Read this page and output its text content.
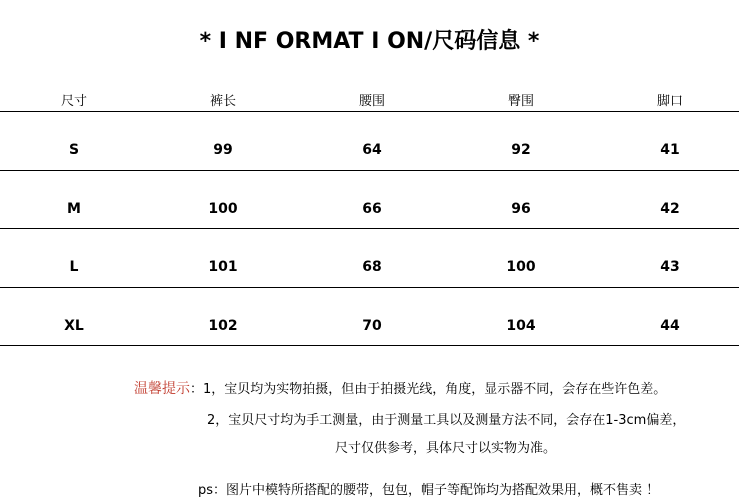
* I NF ORMAT I ON/尺码信息 *
尺寸	裤长	腰围	臀围	脚口
S	99	64	92	41
M	100	66	96	42
L	101	68	100	43
XL	102	70	104	44
温馨提示：1，宝贝均为实物拍摄，但由于拍摄光线，角度，显示器不同，会存在些许色差。
2，宝贝尺寸均为手工测量，由于测量工具以及测量方法不同，会存在1-3cm偏差，
尺寸仅供参考，具体尺寸以实物为准。
ps：图片中模特所搭配的腰带，包包，帽子等配饰均为搭配效果用，概不售卖 ！
